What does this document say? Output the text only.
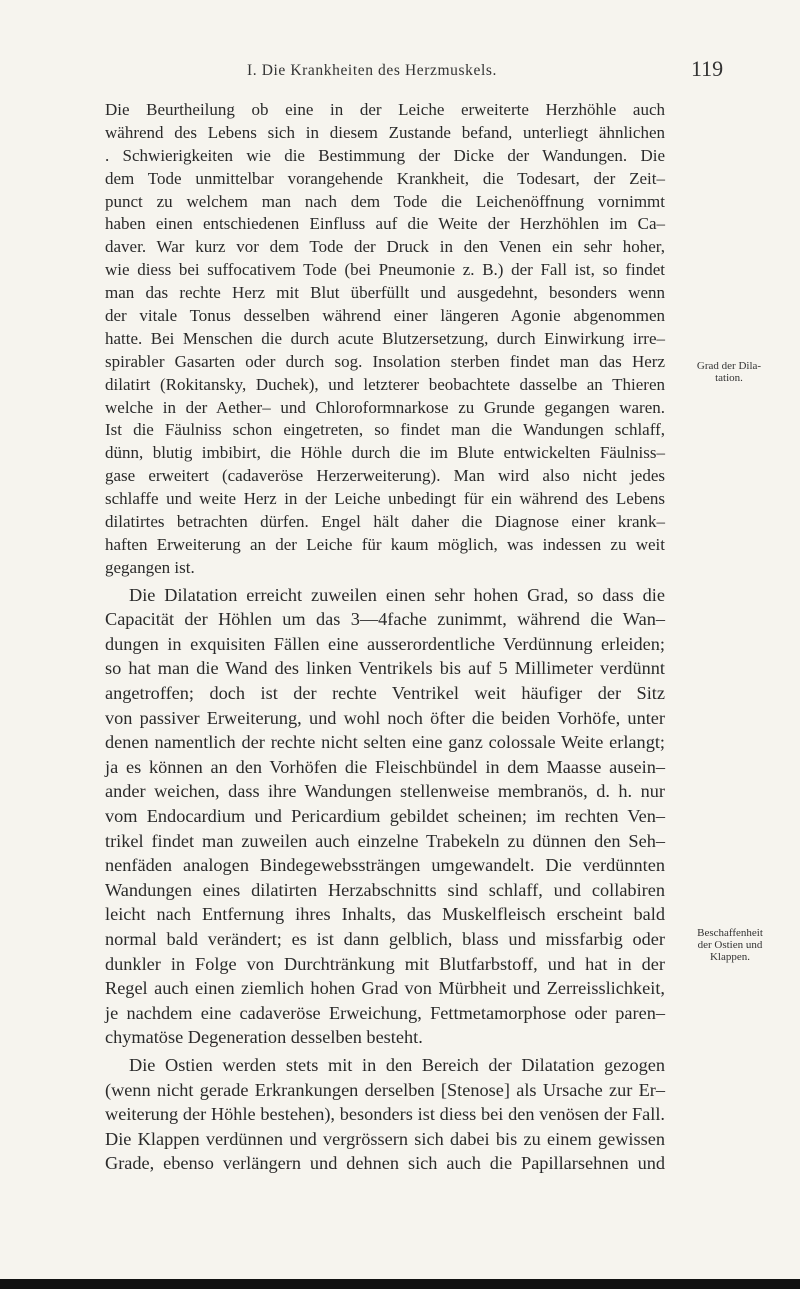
I. Die Krankheiten des Herzmuskels.	119
Die Beurtheilung ob eine in der Leiche erweiterte Herzhöhle auch
während des Lebens sich in diesem Zustande befand, unterliegt ähnlichen
. Schwierigkeiten wie die Bestimmung der Dicke der Wandungen. Die
dem Tode unmittelbar vorangehende Krankheit, die Todesart, der Zeit–
punct zu welchem man nach dem Tode die Leichenöffnung vornimmt
haben einen entschiedenen Einfluss auf die Weite der Herzhöhlen im Ca–
daver. War kurz vor dem Tode der Druck in den Venen ein sehr hoher,
wie diess bei suffocativem Tode (bei Pneumonie z. B.) der Fall ist, so findet
man das rechte Herz mit Blut überfüllt und ausgedehnt, besonders wenn
der vitale Tonus desselben während einer längeren Agonie abgenommen
hatte. Bei Menschen die durch acute Blutzersetzung, durch Einwirkung irre–
spirabler Gasarten oder durch sog. Insolation sterben findet man das Herz
dilatirt (Rokitansky, Duchek), und letzterer beobachtete dasselbe an Thieren
welche in der Aether– und Chloroformnarkose zu Grunde gegangen waren.
Ist die Fäulniss schon eingetreten, so findet man die Wandungen schlaff,
dünn, blutig imbibirt, die Höhle durch die im Blute entwickelten Fäulniss–
gase erweitert (cadaveröse Herzerweiterung). Man wird also nicht jedes
schlaffe und weite Herz in der Leiche unbedingt für ein während des Lebens
dilatirtes betrachten dürfen. Engel hält daher die Diagnose einer krank–
haften Erweiterung an der Leiche für kaum möglich, was indessen zu weit
gegangen ist.
Die Dilatation erreicht zuweilen einen sehr hohen Grad, so dass die
Capacität der Höhlen um das 3—4fache zunimmt, während die Wan–
dungen in exquisiten Fällen eine ausserordentliche Verdünnung erleiden;
so hat man die Wand des linken Ventrikels bis auf 5 Millimeter verdünnt
angetroffen; doch ist der rechte Ventrikel weit häufiger der Sitz
von passiver Erweiterung, und wohl noch öfter die beiden Vorhöfe, unter
denen namentlich der rechte nicht selten eine ganz colossale Weite erlangt;
ja es können an den Vorhöfen die Fleischbündel in dem Maasse ausein–
ander weichen, dass ihre Wandungen stellenweise membranös, d. h. nur
vom Endocardium und Pericardium gebildet scheinen; im rechten Ven–
trikel findet man zuweilen auch einzelne Trabekeln zu dünnen den Seh–
nenfäden analogen Bindegewebssträngen umgewandelt. Die verdünnten
Wandungen eines dilatirten Herzabschnitts sind schlaff, und collabiren
leicht nach Entfernung ihres Inhalts, das Muskelfleisch erscheint bald
normal bald verändert; es ist dann gelblich, blass und missfarbig oder
dunkler in Folge von Durchtränkung mit Blutfarbstoff, und hat in der
Regel auch einen ziemlich hohen Grad von Mürbheit und Zerreisslichkeit,
je nachdem eine cadaveröse Erweichung, Fettmetamorphose oder paren–
chymatöse Degeneration desselben besteht.
Die Ostien werden stets mit in den Bereich der Dilatation gezogen
(wenn nicht gerade Erkrankungen derselben [Stenose] als Ursache zur Er–
weiterung der Höhle bestehen), besonders ist diess bei den venösen der Fall.
Die Klappen verdünnen und vergrössern sich dabei bis zu einem gewissen
Grade, ebenso verlängern und dehnen sich auch die Papillarsehnen und
Grad der Dila-
tation.
Beschaffenheit
der Ostien und
Klappen.
